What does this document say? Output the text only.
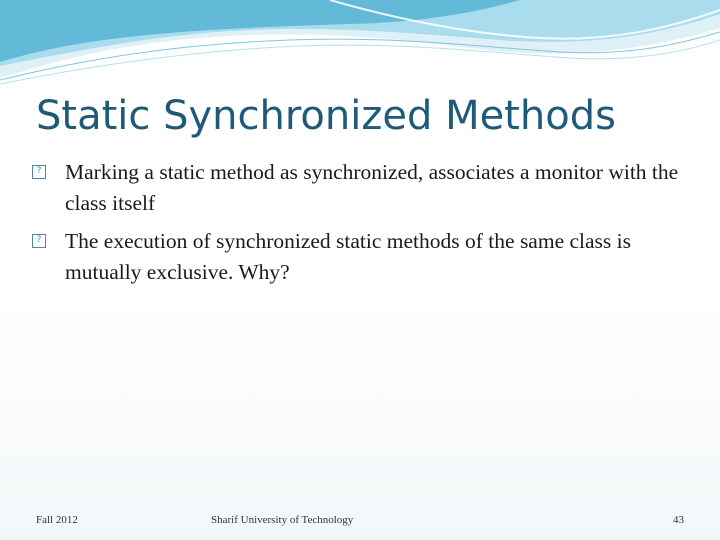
Static Synchronized Methods
? Marking a static method as synchronized, associates a monitor with the class itself
? The execution of synchronized static methods of the same class is mutually exclusive. Why?
Fall 2012	Sharif University of Technology	43
